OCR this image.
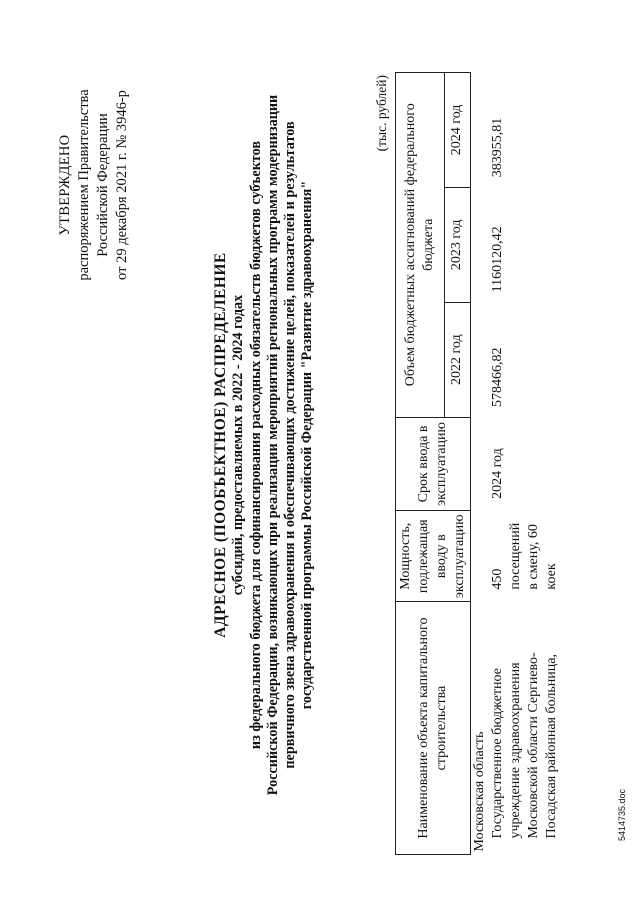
УТВЕРЖДЕНО распоряжением Правительства Российской Федерации от 29 декабря 2021 г. № 3946-р
АДРЕСНОЕ (ПООБЪЕКТНОЕ) РАСПРЕДЕЛЕНИЕ субсидий, предоставляемых в 2022 - 2024 годах из федерального бюджета для софинансирования расходных обязательств бюджетов субъектов Российской Федерации, возникающих при реализации мероприятий региональных программ модернизации первичного звена здравоохранения и обеспечивающих достижение целей, показателей и результатов государственной программы Российской Федерации "Развитие здравоохранения"
(тыс. рублей)
Наименование объекта капитального строительства	Мощность, подлежащая вводу в эксплуатацию	Срок ввода в эксплуатацию	Объем бюджетных ассигнований федерального бюджета		
			2022 год	2023 год	2024 год
Московская область					
Государственное бюджетное учреждение здравоохранения Московской области Сергиево-Посадская районная больница,	450 посещений в смену, 60 коек	2024 год	578466,82	1160120,42	383955,81
5414735.doc
